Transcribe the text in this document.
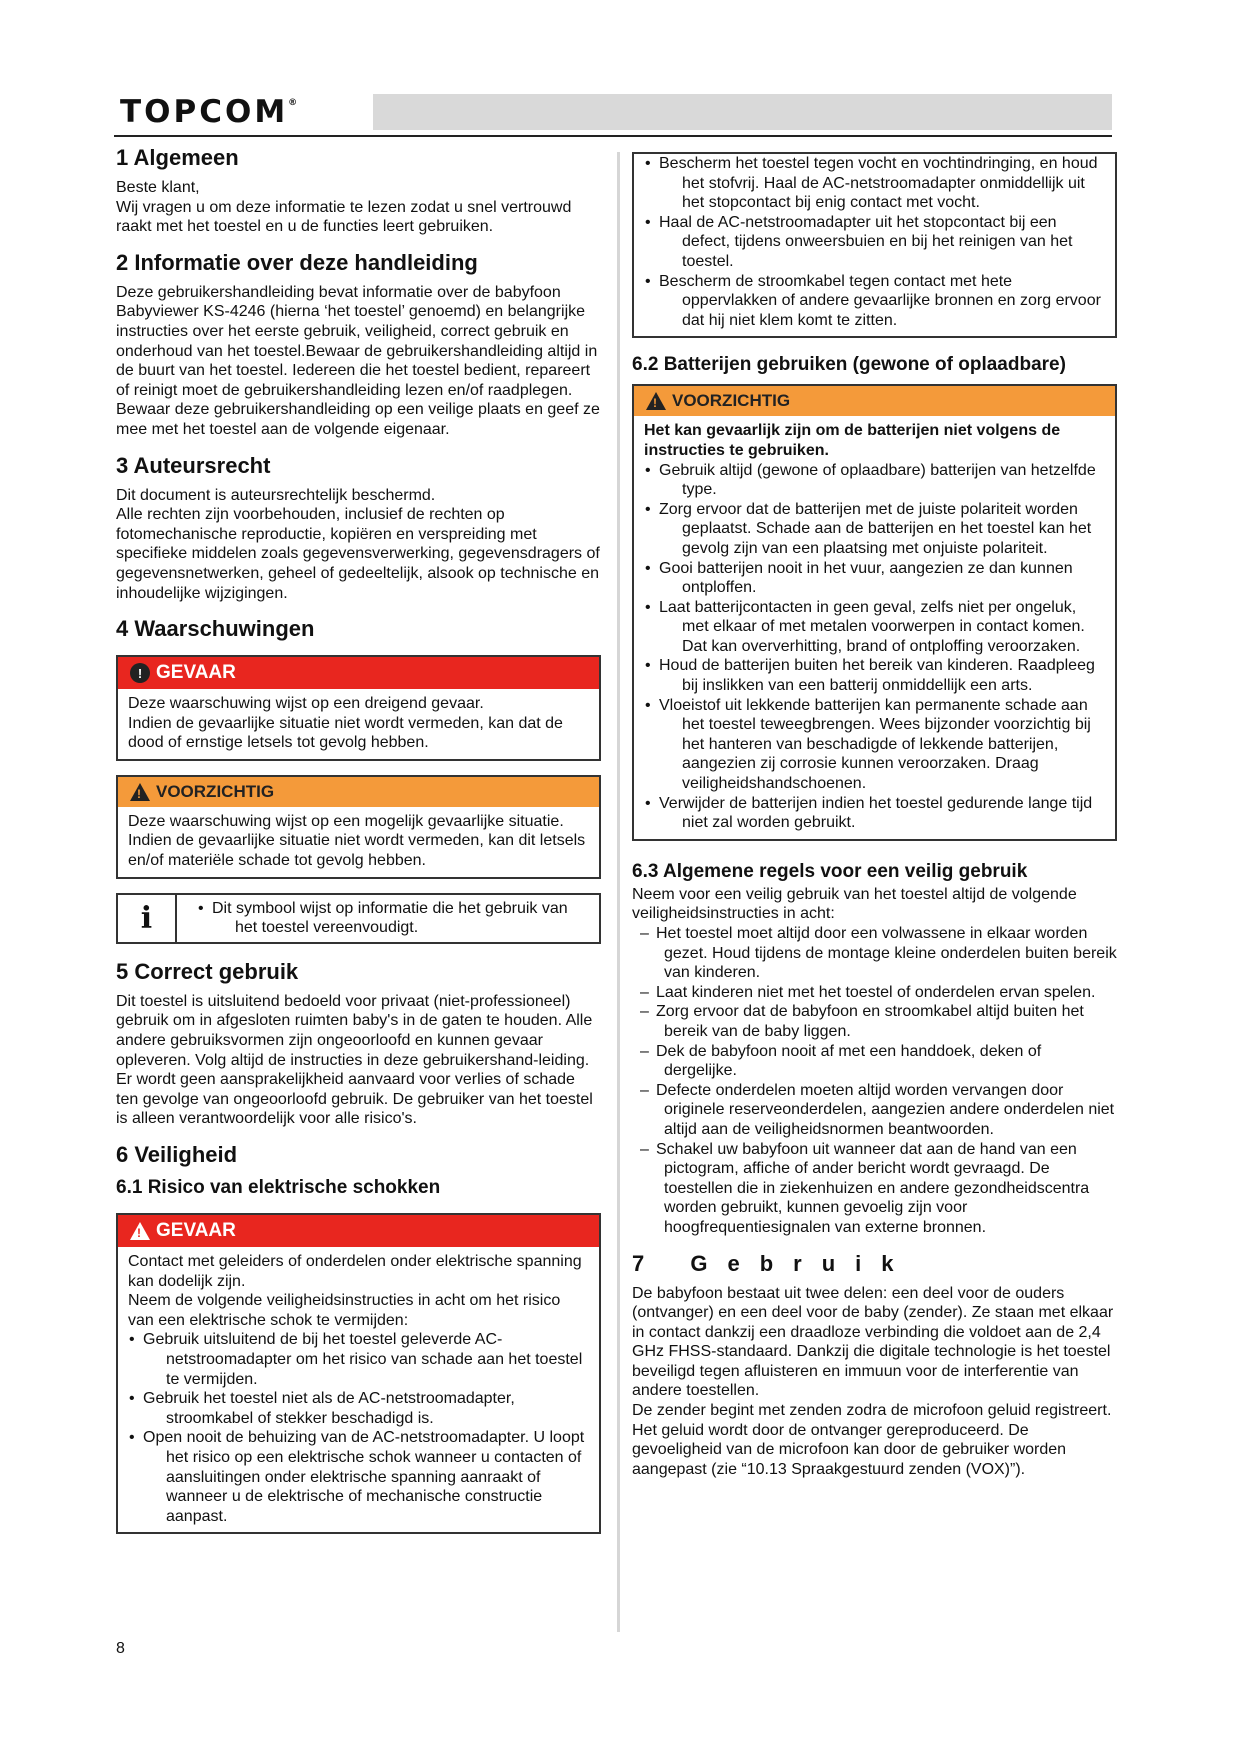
TOPCOM®
1 Algemeen

Beste klant,

Wij vragen u om deze informatie te lezen zodat u snel vertrouwd raakt met het toestel en u de functies leert gebruiken.

2 Informatie over deze handleiding

Deze gebruikershandleiding bevat informatie over de babyfoon Babyviewer KS-4246 (hierna ‘het toestel’ genoemd) en belangrijke instructies over het eerste gebruik, veiligheid, correct gebruik en onderhoud van het toestel.Bewaar de gebruikershandleiding altijd in de buurt van het toestel. Iedereen die het toestel bedient, repareert of reinigt moet de gebruikershandleiding lezen en/of raadplegen. Bewaar deze gebruikershandleiding op een veilige plaats en geef ze mee met het toestel aan de volgende eigenaar.

3 Auteursrecht

Dit document is auteursrechtelijk beschermd.

Alle rechten zijn voorbehouden, inclusief de rechten op fotomechanische reproductie, kopiëren en verspreiding met specifieke middelen zoals gegevensverwerking, gegevensdragers of gegevensnetwerken, geheel of gedeeltelijk, alsook op technische en inhoudelijke wijzigingen.

4 Waarschuwingen
! GEVAAR

Deze waarschuwing wijst op een dreigend gevaar.

Indien de gevaarlijke situatie niet wordt vermeden, kan dat de dood of ernstige letsels tot gevolg hebben.

! VOORZICHTIG

Deze waarschuwing wijst op een mogelijk gevaarlijke situatie.

Indien de gevaarlijke situatie niet wordt vermeden, kan dit letsels en/of materiële schade tot gevolg hebben.

i
•	Dit symbool wijst op informatie die het gebruik van het toestel vereenvoudigt.
5 Correct gebruik

Dit toestel is uitsluitend bedoeld voor privaat (niet-professioneel) gebruik om in afgesloten ruimten baby's in de gaten te houden. Alle andere gebruiksvormen zijn ongeoorloofd en kunnen gevaar opleveren. Volg altijd de instructies in deze gebruikershand-leiding. Er wordt geen aansprakelijkheid aanvaard voor verlies of schade ten gevolge van ongeoorloofd gebruik. De gebruiker van het toestel is alleen verantwoordelijk voor alle risico's.

6 Veiligheid
6.1 Risico van elektrische schokken
! GEVAAR

Contact met geleiders of onderdelen onder elektrische spanning kan dodelijk zijn.

Neem de volgende veiligheidsinstructies in acht om het risico van een elektrische schok te vermijden:

• Gebruik uitsluitend de bij het toestel geleverde AC-netstroomadapter om het risico van schade aan het toestel te vermijden.
• Gebruik het toestel niet als de AC-netstroomadapter, stroomkabel of stekker beschadigd is.
• Open nooit de behuizing van de AC-netstroomadapter. U loopt het risico op een elektrische schok wanneer u contacten of aansluitingen onder elektrische spanning aanraakt of wanneer u de elektrische of mechanische constructie aanpast.
• Bescherm het toestel tegen vocht en vochtindringing, en houd het stofvrij. Haal de AC-netstroomadapter onmiddellijk uit het stopcontact bij enig contact met vocht.
• Haal de AC-netstroomadapter uit het stopcontact bij een defect, tijdens onweersbuien en bij het reinigen van het toestel.
• Bescherm de stroomkabel tegen contact met hete oppervlakken of andere gevaarlijke bronnen en zorg ervoor dat hij niet klem komt te zitten.
6.2 Batterijen gebruiken (gewone of oplaadbare)
! VOORZICHTIG

Het kan gevaarlijk zijn om de batterijen niet volgens de instructies te gebruiken.

• Gebruik altijd (gewone of oplaadbare) batterijen van hetzelfde type.
• Zorg ervoor dat de batterijen met de juiste polariteit worden geplaatst. Schade aan de batterijen en het toestel kan het gevolg zijn van een plaatsing met onjuiste polariteit.
• Gooi batterijen nooit in het vuur, aangezien ze dan kunnen ontploffen.
• Laat batterijcontacten in geen geval, zelfs niet per ongeluk, met elkaar of met metalen voorwerpen in contact komen. Dat kan oververhitting, brand of ontploffing veroorzaken.
• Houd de batterijen buiten het bereik van kinderen. Raadpleeg bij inslikken van een batterij onmiddellijk een arts.
• Vloeistof uit lekkende batterijen kan permanente schade aan het toestel teweegbrengen. Wees bijzonder voorzichtig bij het hanteren van beschadigde of lekkende batterijen, aangezien zij corrosie kunnen veroorzaken. Draag veiligheidshandschoenen.
• Verwijder de batterijen indien het toestel gedurende lange tijd niet zal worden gebruikt.
6.3 Algemene regels voor een veilig gebruik

Neem voor een veilig gebruik van het toestel altijd de volgende veiligheidsinstructies in acht:

– Het toestel moet altijd door een volwassene in elkaar worden gezet. Houd tijdens de montage kleine onderdelen buiten bereik van kinderen.
– Laat kinderen niet met het toestel of onderdelen ervan spelen.
– Zorg ervoor dat de babyfoon en stroomkabel altijd buiten het bereik van de baby liggen.
– Dek de babyfoon nooit af met een handdoek, deken of dergelijke.
– Defecte onderdelen moeten altijd worden vervangen door originele reserveonderdelen, aangezien andere onderdelen niet altijd aan de veiligheidsnormen beantwoorden.
– Schakel uw babyfoon uit wanneer dat aan de hand van een pictogram, affiche of ander bericht wordt gevraagd. De toestellen die in ziekenhuizen en andere gezondheidscentra worden gebruikt, kunnen gevoelig zijn voor hoogfrequentiesignalen van externe bronnen.
7 Gebruik

De babyfoon bestaat uit twee delen: een deel voor de ouders (ontvanger) en een deel voor de baby (zender). Ze staan met elkaar in contact dankzij een draadloze verbinding die voldoet aan de 2,4 GHz FHSS-standaard. Dankzij die digitale technologie is het toestel beveiligd tegen afluisteren en immuun voor de interferentie van andere toestellen.

De zender begint met zenden zodra de microfoon geluid registreert. Het geluid wordt door de ontvanger gereproduceerd. De gevoeligheid van de microfoon kan door de gebruiker worden aangepast (zie “10.13 Spraakgestuurd zenden (VOX)”).

8
